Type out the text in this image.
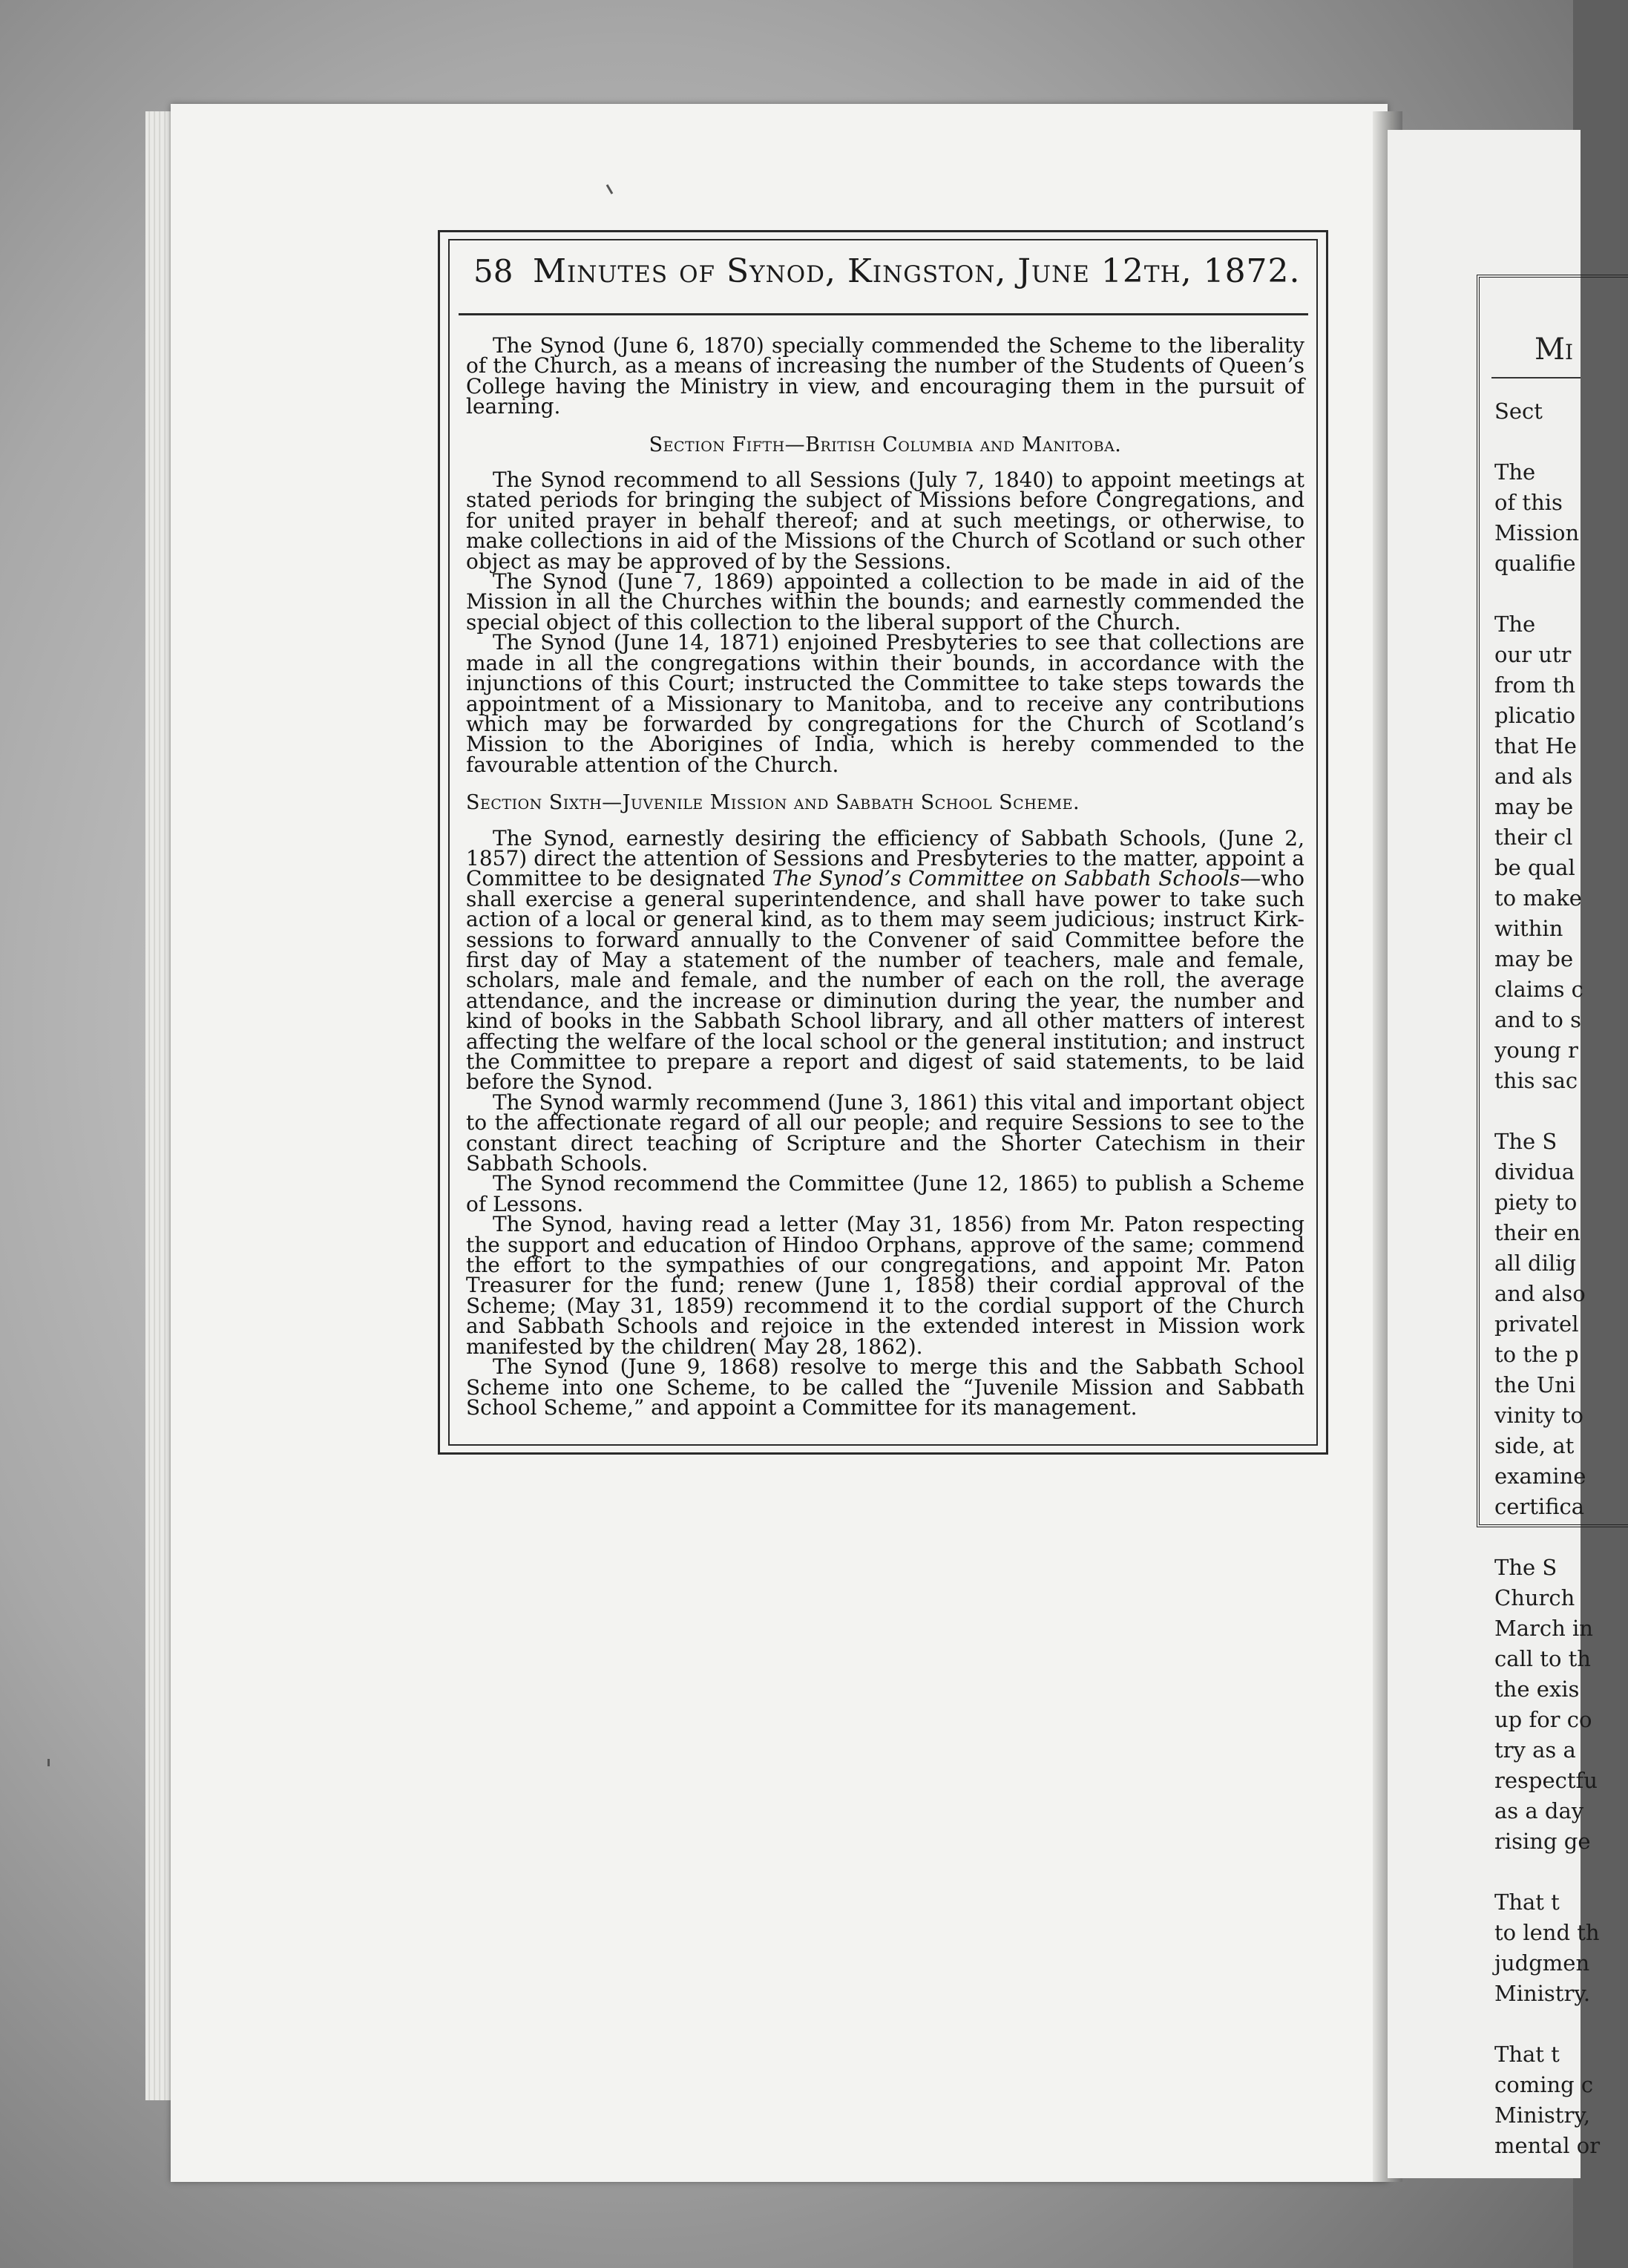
Mi
Sect
The
of this
Mission
qualifie
The
our utr
from th
plicatio
that He
and als
may be
their cl
be qual
to make
within
may be
claims c
and to s
young r
this sac
The S
dividua
piety to
their en
all dilig
and also
privatel
to the p
the Uni
vinity to
side, at
examine
certifica
The S
Church
March in
call to th
the exis
up for co
try as a
respectfu
as a day
rising ge
That t
to lend th
judgmen
Ministry.
That t
coming c
Ministry,
mental or
58 Minutes of Synod, Kingston, June 12th, 1872.

The Synod (June 6, 1870) specially commended the Scheme to the liberality of the Church, as a means of increasing the number of the Students of Queen’s College having the Ministry in view, and encouraging them in the pursuit of learning.

Section Fifth—British Columbia and Manitoba.

The Synod recommend to all Sessions (July 7, 1840) to appoint meetings at stated periods for bringing the subject of Missions before Congregations, and for united prayer in behalf thereof; and at such meetings, or otherwise, to make collections in aid of the Missions of the Church of Scotland or such other object as may be approved of by the Sessions.

The Synod (June 7, 1869) appointed a collection to be made in aid of the Mission in all the Churches within the bounds; and earnestly commended the special object of this collection to the liberal support of the Church.

The Synod (June 14, 1871) enjoined Presbyteries to see that collections are made in all the congregations within their bounds, in accordance with the injunctions of this Court; instructed the Committee to take steps towards the appointment of a Missionary to Manitoba, and to receive any contributions which may be forwarded by congregations for the Church of Scotland’s Mission to the Aborigines of India, which is hereby commended to the favourable attention of the Church.

Section Sixth—Juvenile Mission and Sabbath School Scheme.

The Synod, earnestly desiring the efficiency of Sabbath Schools, (June 2, 1857) direct the attention of Sessions and Presbyteries to the matter, appoint a Committee to be designated The Synod’s Committee on Sabbath Schools—who shall exercise a general superintendence, and shall have power to take such action of a local or general kind, as to them may seem judicious; instruct Kirk-sessions to forward annually to the Convener of said Committee before the first day of May a statement of the number of teachers, male and female, scholars, male and female, and the number of each on the roll, the average attendance, and the increase or diminution during the year, the number and kind of books in the Sabbath School library, and all other matters of interest affecting the welfare of the local school or the general institution; and instruct the Committee to prepare a report and digest of said statements, to be laid before the Synod.

The Synod warmly recommend (June 3, 1861) this vital and important object to the affectionate regard of all our people; and require Sessions to see to the constant direct teaching of Scripture and the Shorter Catechism in their Sabbath Schools.

The Synod recommend the Committee (June 12, 1865) to publish a Scheme of Lessons.

The Synod, having read a letter (May 31, 1856) from Mr. Paton respecting the support and education of Hindoo Orphans, approve of the same; commend the effort to the sympathies of our congregations, and appoint Mr. Paton Treasurer for the fund; renew (June 1, 1858) their cordial approval of the Scheme; (May 31, 1859) recommend it to the cordial support of the Church and Sabbath Schools and rejoice in the extended interest in Mission work manifested by the children( May 28, 1862).

The Synod (June 9, 1868) resolve to merge this and the Sabbath School Scheme into one Scheme, to be called the “Juvenile Mission and Sabbath School Scheme,” and appoint a Committee for its management.
